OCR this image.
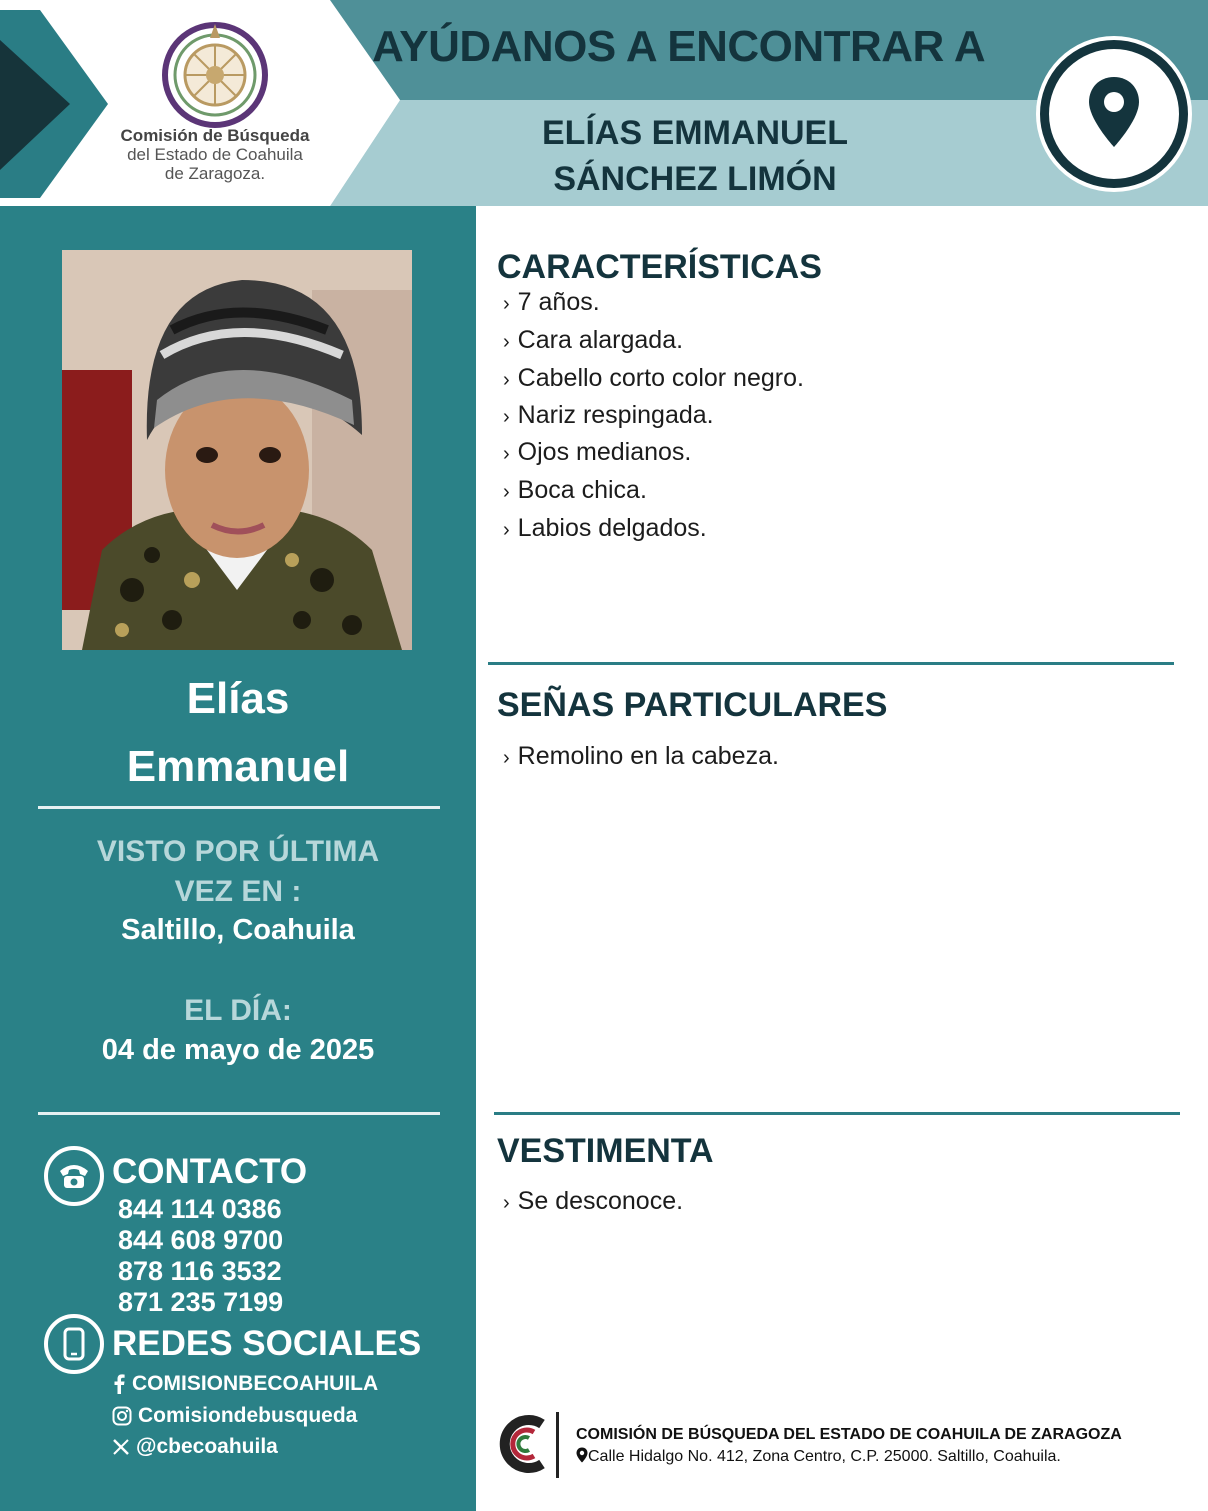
Comisión de Búsqueda
del Estado de Coahuila
de Zaragoza.
AYÚDANOS A ENCONTRAR A
ELÍAS EMMANUEL
SÁNCHEZ LIMÓN
Elías
Emmanuel
VISTO POR ÚLTIMA
VEZ EN :
Saltillo, Coahuila
EL DÍA:
04 de mayo de 2025
CONTACTO
844 114 0386
844 608 9700
878 116 3532
871 235 7199
REDES SOCIALES
COMISIONBECOAHUILA
Comisiondebusqueda
@cbecoahuila
CARACTERÍSTICAS
› 7 años.
› Cara alargada.
› Cabello corto color negro.
› Nariz respingada.
› Ojos medianos.
› Boca chica.
› Labios delgados.
SEÑAS PARTICULARES
› Remolino en la cabeza.
VESTIMENTA
› Se desconoce.
COMISIÓN DE BÚSQUEDA DEL ESTADO DE COAHUILA DE ZARAGOZA
Calle Hidalgo No. 412, Zona Centro, C.P. 25000. Saltillo, Coahuila.
